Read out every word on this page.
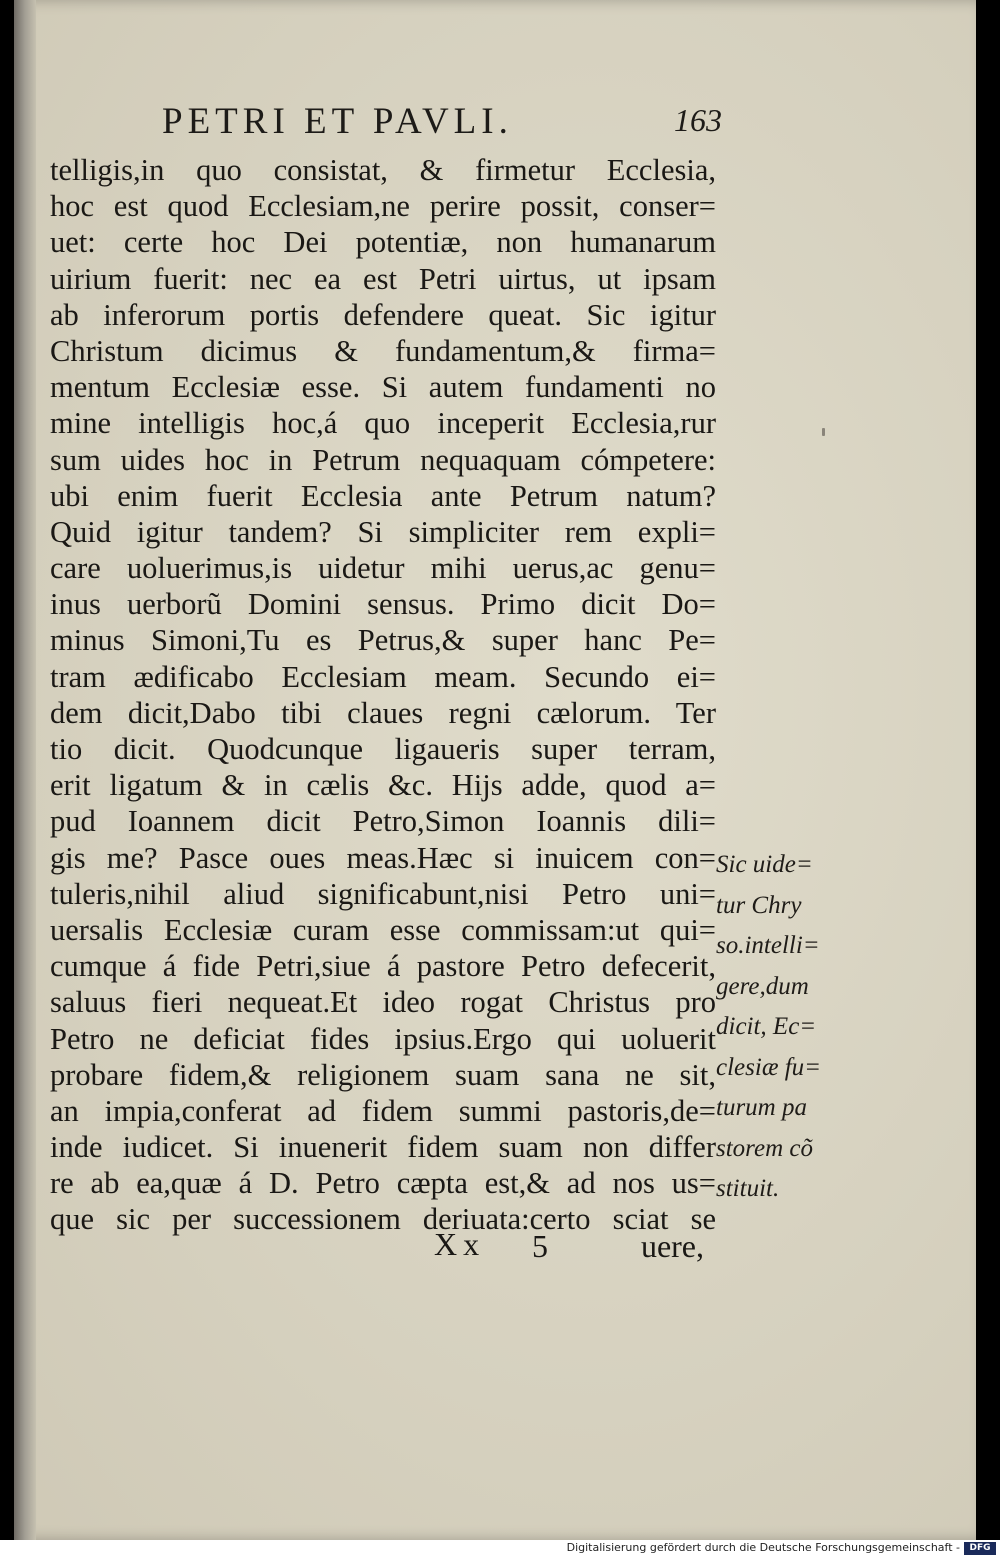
PETRI ET PAVLI.	163
telligis,in quo consistat, & firmetur Ecclesia,
hoc est quod Ecclesiam,ne perire possit, conser=
uet: certe hoc Dei potentiæ, non humanarum
uirium fuerit: nec ea est Petri uirtus, ut ipsam
ab inferorum portis defendere queat. Sic igitur
Christum dicimus & fundamentum,& firma=
mentum Ecclesiæ esse. Si autem fundamenti no
mine intelligis hoc,á quo inceperit Ecclesia,rur
sum uides hoc in Petrum nequaquam cómpetere:
ubi enim fuerit Ecclesia ante Petrum natum?
Quid igitur tandem? Si simpliciter rem expli=
care uoluerimus,is uidetur mihi uerus,ac genu=
inus uerborũ Domini sensus. Primo dicit Do=
minus Simoni,Tu es Petrus,& super hanc Pe=
tram ædificabo Ecclesiam meam. Secundo ei=
dem dicit,Dabo tibi claues regni cælorum. Ter
tio dicit. Quodcunque ligaueris super terram,
erit ligatum & in cælis &c. Hijs adde, quod a=
pud Ioannem dicit Petro,Simon Ioannis dili=
gis me? Pasce oues meas.Hæc si inuicem con=
tuleris,nihil aliud significabunt,nisi Petro uni=
uersalis Ecclesiæ curam esse commissam:ut qui=
cumque á fide Petri,siue á pastore Petro defecerit,
saluus fieri nequeat.Et ideo rogat Christus pro
Petro ne deficiat fides ipsius.Ergo qui uoluerit
probare fidem,& religionem suam sana ne sit,
an impia,conferat ad fidem summi pastoris,de=
inde iudicet. Si inuenerit fidem suam non differ
re ab ea,quæ á D. Petro cæpta est,& ad nos us=
que sic per successionem deriuata:certo sciat se
Sic uide=
tur Chry
so.intelli=
gere,dum
dicit, Ec=
clesiæ fu=
turum pa
storem cõ
stituit.
Xx 5	uere,
Digitalisierung gefördert durch die Deutsche Forschungsgemeinschaft -	DFG
